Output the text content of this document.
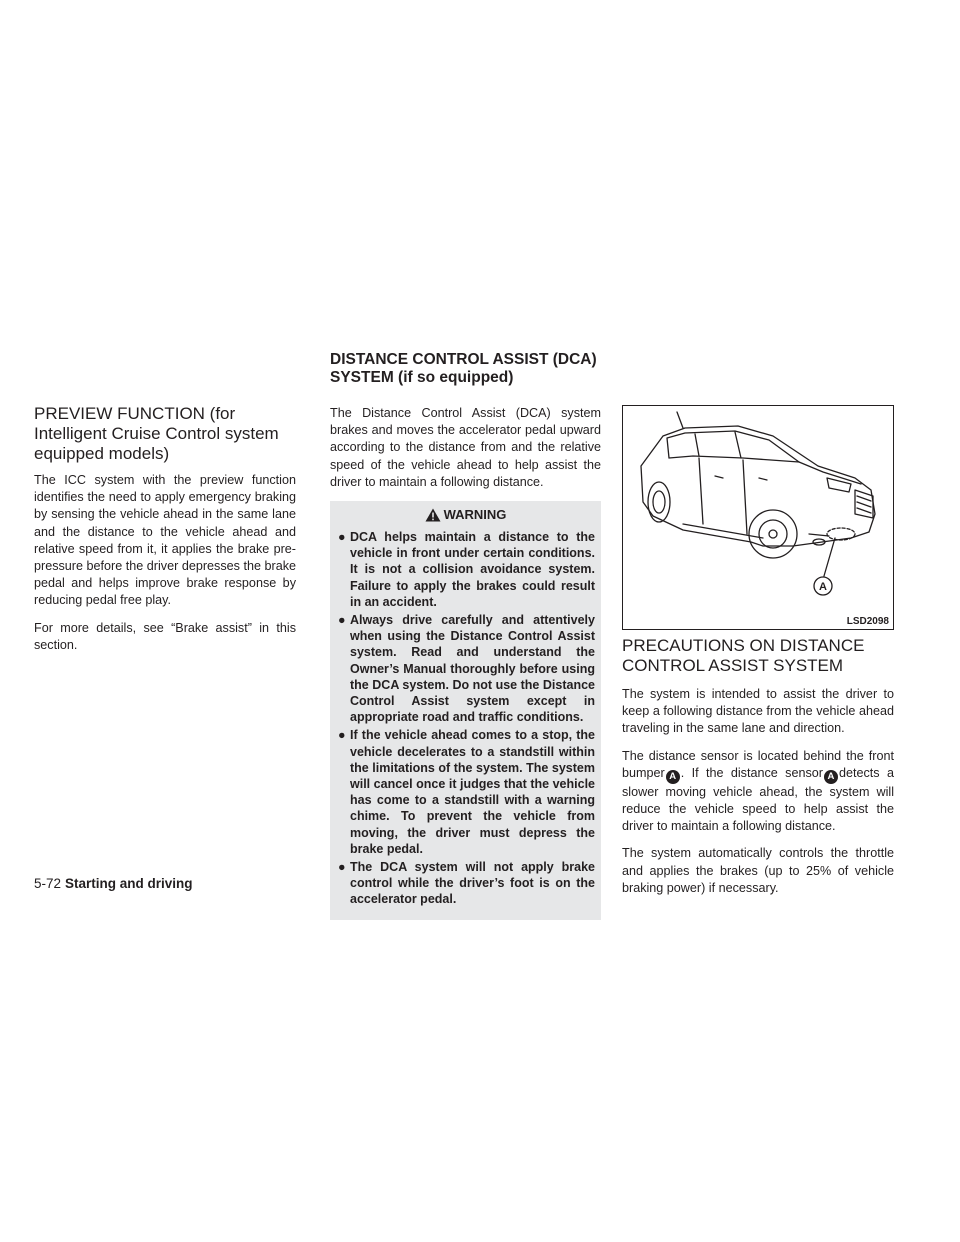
DISTANCE CONTROL ASSIST (DCA) SYSTEM (if so equipped)
PREVIEW FUNCTION (for Intelligent Cruise Control system equipped models)

The ICC system with the preview function identifies the need to apply emergency braking by sensing the vehicle ahead in the same lane and the distance to the vehicle ahead and relative speed from it, it applies the brake pre-pressure before the driver depresses the brake pedal and helps improve brake response by reducing pedal free play.

For more details, see “Brake assist” in this section.

The Distance Control Assist (DCA) system brakes and moves the accelerator pedal upward according to the distance from and the relative speed of the vehicle ahead to help assist the driver to maintain a following distance.

WARNING
● DCA helps maintain a distance to the vehicle in front under certain conditions. It is not a collision avoidance system. Failure to apply the brakes could result in an accident.
● Always drive carefully and attentively when using the Distance Control Assist system. Read and understand the Owner’s Manual thoroughly before using the DCA system. Do not use the Distance Control Assist system except in appropriate road and traffic conditions.
● If the vehicle ahead comes to a stop, the vehicle decelerates to a standstill within the limitations of the system. The system will cancel once it judges that the vehicle has come to a standstill with a warning chime. To prevent the vehicle from moving, the driver must depress the brake pedal.
● The DCA system will not apply brake control while the driver’s foot is on the accelerator pedal.
A
LSD2098
PRECAUTIONS ON DISTANCE CONTROL ASSIST SYSTEM

The system is intended to assist the driver to keep a following distance from the vehicle ahead traveling in the same lane and direction.

The distance sensor is located behind the front bumper A . If the distance sensor A detects a slower moving vehicle ahead, the system will reduce the vehicle speed to help assist the driver to maintain a following distance.

The system automatically controls the throttle and applies the brakes (up to 25% of vehicle braking power) if necessary.

5-72 Starting and driving
